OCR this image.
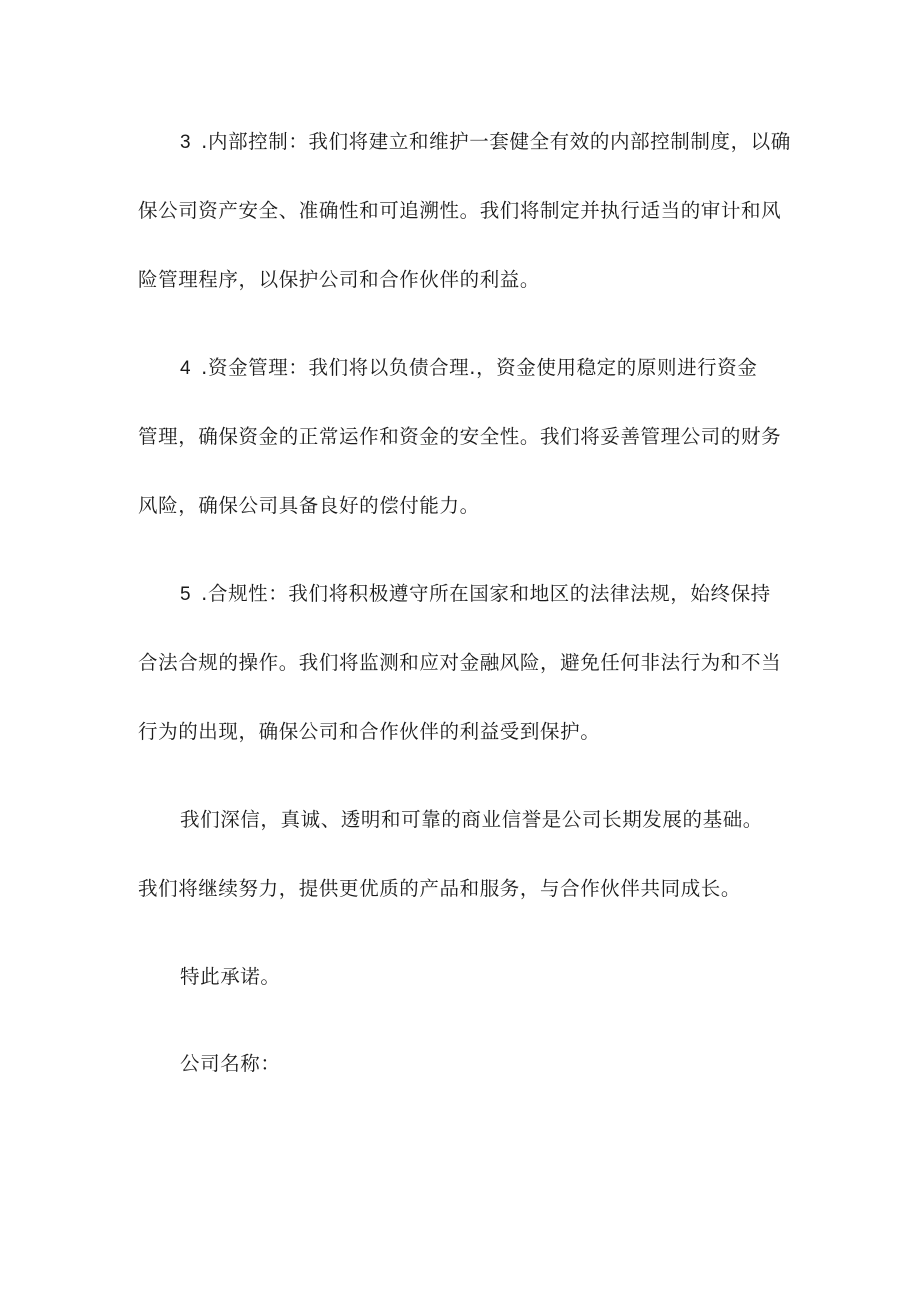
3 .内部控制：我们将建立和维护一套健全有效的内部控制制度，以确
保公司资产安全、准确性和可追溯性。我们将制定并执行适当的审计和风
险管理程序，以保护公司和合作伙伴的利益。
4 .资金管理：我们将以负债合理.，资金使用稳定的原则进行资金
管理，确保资金的正常运作和资金的安全性。我们将妥善管理公司的财务
风险，确保公司具备良好的偿付能力。
5 .合规性：我们将积极遵守所在国家和地区的法律法规，始终保持
合法合规的操作。我们将监测和应对金融风险，避免任何非法行为和不当
行为的出现，确保公司和合作伙伴的利益受到保护。
我们深信，真诚、透明和可靠的商业信誉是公司长期发展的基础。
我们将继续努力，提供更优质的产品和服务，与合作伙伴共同成长。
特此承诺。
公司名称：
